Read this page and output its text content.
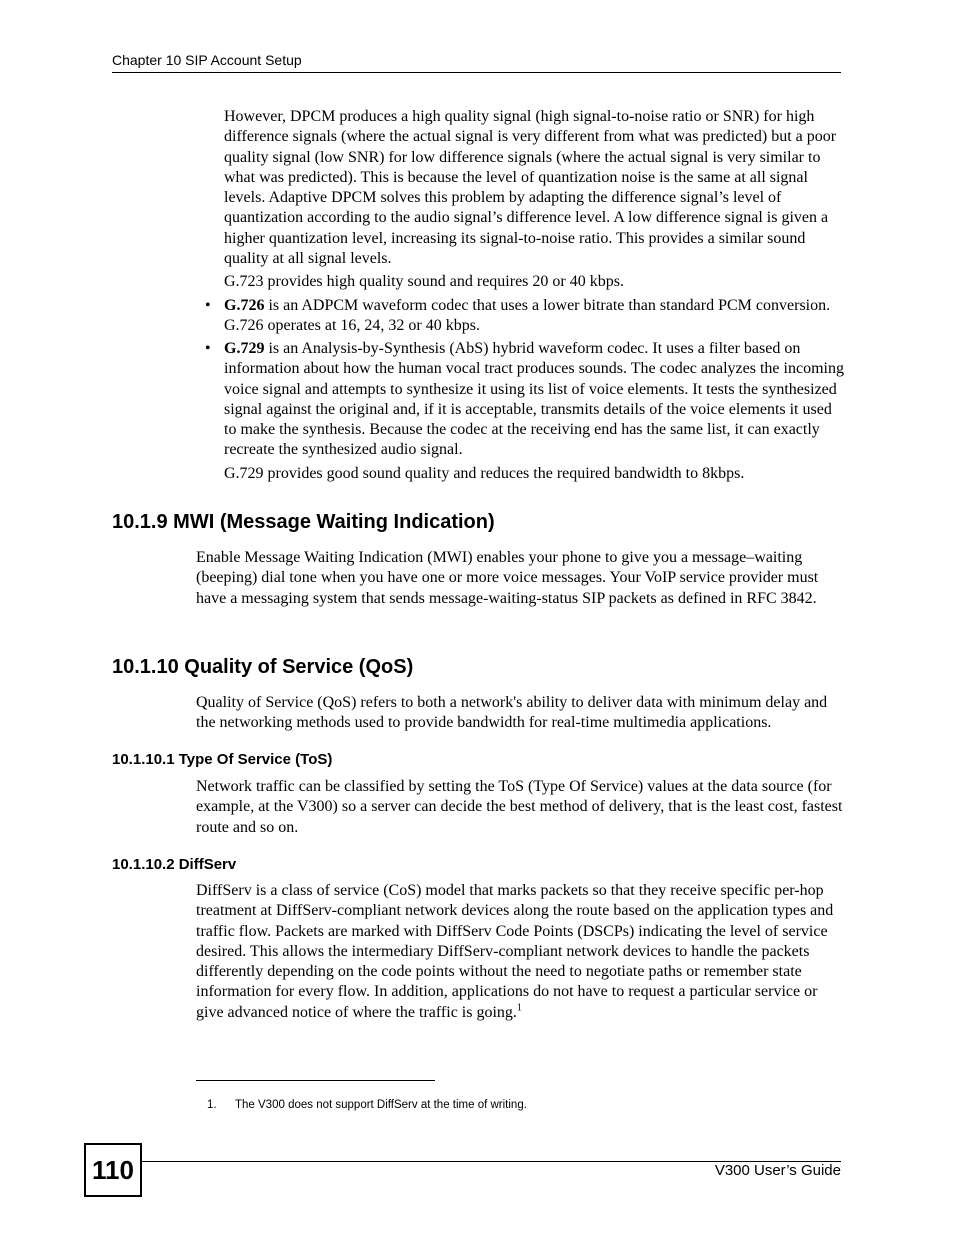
Chapter 10 SIP Account Setup

However, DPCM produces a high quality signal (high signal-to-noise ratio or SNR) for high difference signals (where the actual signal is very different from what was predicted) but a poor quality signal (low SNR) for low difference signals (where the actual signal is very similar to what was predicted). This is because the level of quantization noise is the same at all signal levels. Adaptive DPCM solves this problem by adapting the difference signal’s level of quantization according to the audio signal’s difference level. A low difference signal is given a higher quantization level, increasing its signal-to-noise ratio. This provides a similar sound quality at all signal levels.

G.723 provides high quality sound and requires 20 or 40 kbps.

• G.726 is an ADPCM waveform codec that uses a lower bitrate than standard PCM conversion. G.726 operates at 16, 24, 32 or 40 kbps.

• G.729 is an Analysis-by-Synthesis (AbS) hybrid waveform codec. It uses a filter based on information about how the human vocal tract produces sounds. The codec analyzes the incoming voice signal and attempts to synthesize it using its list of voice elements. It tests the synthesized signal against the original and, if it is acceptable, transmits details of the voice elements it used to make the synthesis. Because the codec at the receiving end has the same list, it can exactly recreate the synthesized audio signal.

G.729 provides good sound quality and reduces the required bandwidth to 8kbps.

10.1.9 MWI (Message Waiting Indication)

Enable Message Waiting Indication (MWI) enables your phone to give you a message–waiting (beeping) dial tone when you have one or more voice messages. Your VoIP service provider must have a messaging system that sends message-waiting-status SIP packets as defined in RFC 3842.

10.1.10 Quality of Service (QoS)

Quality of Service (QoS) refers to both a network's ability to deliver data with minimum delay and the networking methods used to provide bandwidth for real-time multimedia applications.

10.1.10.1 Type Of Service (ToS)

Network traffic can be classified by setting the ToS (Type Of Service) values at the data source (for example, at the V300) so a server can decide the best method of delivery, that is the least cost, fastest route and so on.

10.1.10.2 DiffServ

DiffServ is a class of service (CoS) model that marks packets so that they receive specific per-hop treatment at DiffServ-compliant network devices along the route based on the application types and traffic flow. Packets are marked with DiffServ Code Points (DSCPs) indicating the level of service desired. This allows the intermediary DiffServ-compliant network devices to handle the packets differently depending on the code points without the need to negotiate paths or remember state information for every flow. In addition, applications do not have to request a particular service or give advanced notice of where the traffic is going.$^1$

1. The V300 does not support DiffServ at the time of writing.
110	V300 User’s Guide
